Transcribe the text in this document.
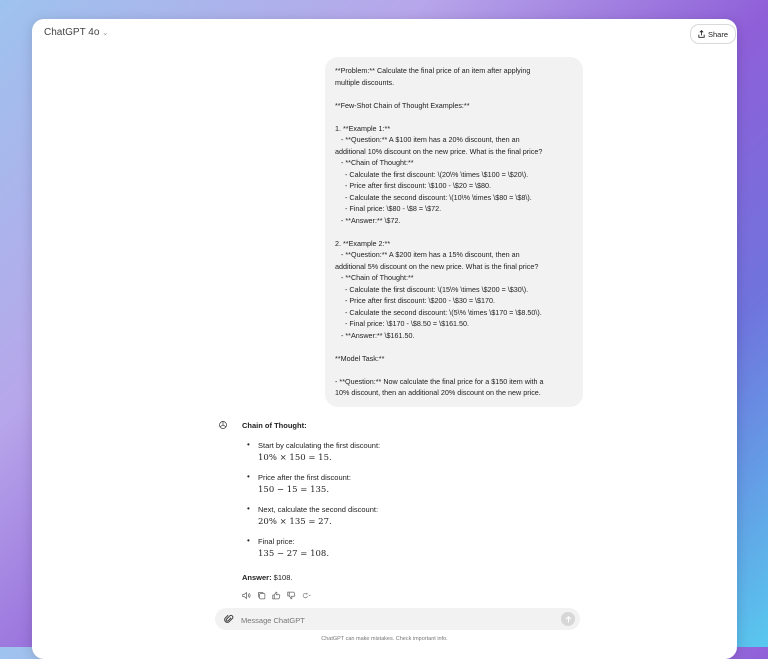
ChatGPT 4o ⌄	Share
**Problem:** Calculate the final price of an item after applying
multiple discounts.
**Few-Shot Chain of Thought Examples:**
1. **Example 1:**
- **Question:** A $100 item has a 20% discount, then an
additional 10% discount on the new price. What is the final price?
- **Chain of Thought:**
- Calculate the first discount: \(20\% \times \$100 = \$20\).
- Price after first discount: \$100 - \$20 = \$80.
- Calculate the second discount: \(10\% \times \$80 = \$8\).
- Final price: \$80 - \$8 = \$72.
- **Answer:** \$72.
2. **Example 2:**
- **Question:** A $200 item has a 15% discount, then an
additional 5% discount on the new price. What is the final price?
- **Chain of Thought:**
- Calculate the first discount: \(15\% \times \$200 = \$30\).
- Price after first discount: \$200 - \$30 = \$170.
- Calculate the second discount: \(5\% \times \$170 = \$8.50\).
- Final price: \$170 - \$8.50 = \$161.50.
- **Answer:** \$161.50.
**Model Task:**
- **Question:** Now calculate the final price for a $150 item with a
10% discount, then an additional 20% discount on the new price.
Chain of Thought:
• Start by calculating the first discount:
10% × 150 = 15.
• Price after the first discount:
150 − 15 = 135.
• Next, calculate the second discount:
20% × 135 = 27.
• Final price:
135 − 27 = 108.
Answer: $108.
Message ChatGPT
ChatGPT can make mistakes. Check important info.
